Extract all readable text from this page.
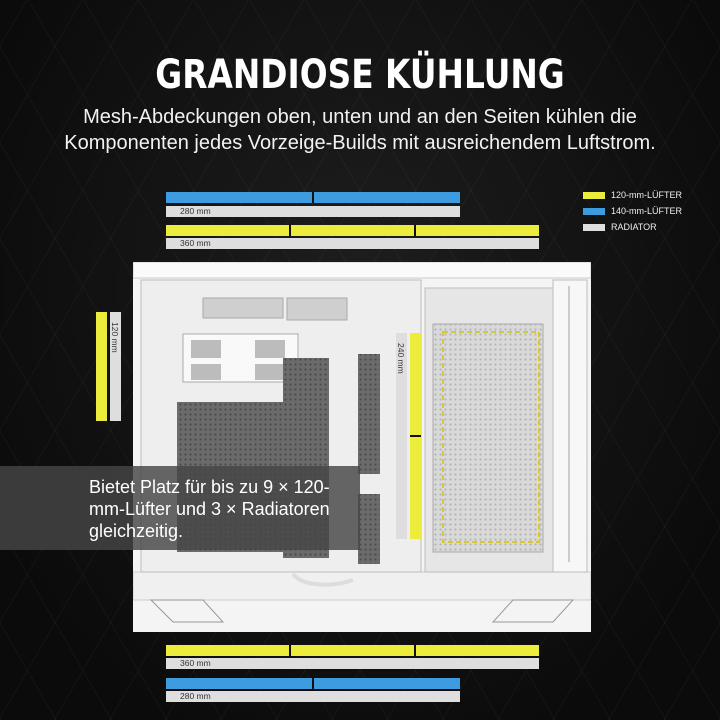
GRANDIOSE KÜHLUNG
Mesh-Abdeckungen oben, unten und an den Seiten kühlen die Komponenten jedes Vorzeige-Builds mit ausreichendem Luftstrom.
280 mm
360 mm
120-mm-LÜFTER
140-mm-LÜFTER
RADIATOR
120 mm
240 mm
Bietet Platz für bis zu 9 × 120-mm-Lüfter und 3 × Radiatoren gleichzeitig.
360 mm
280 mm
